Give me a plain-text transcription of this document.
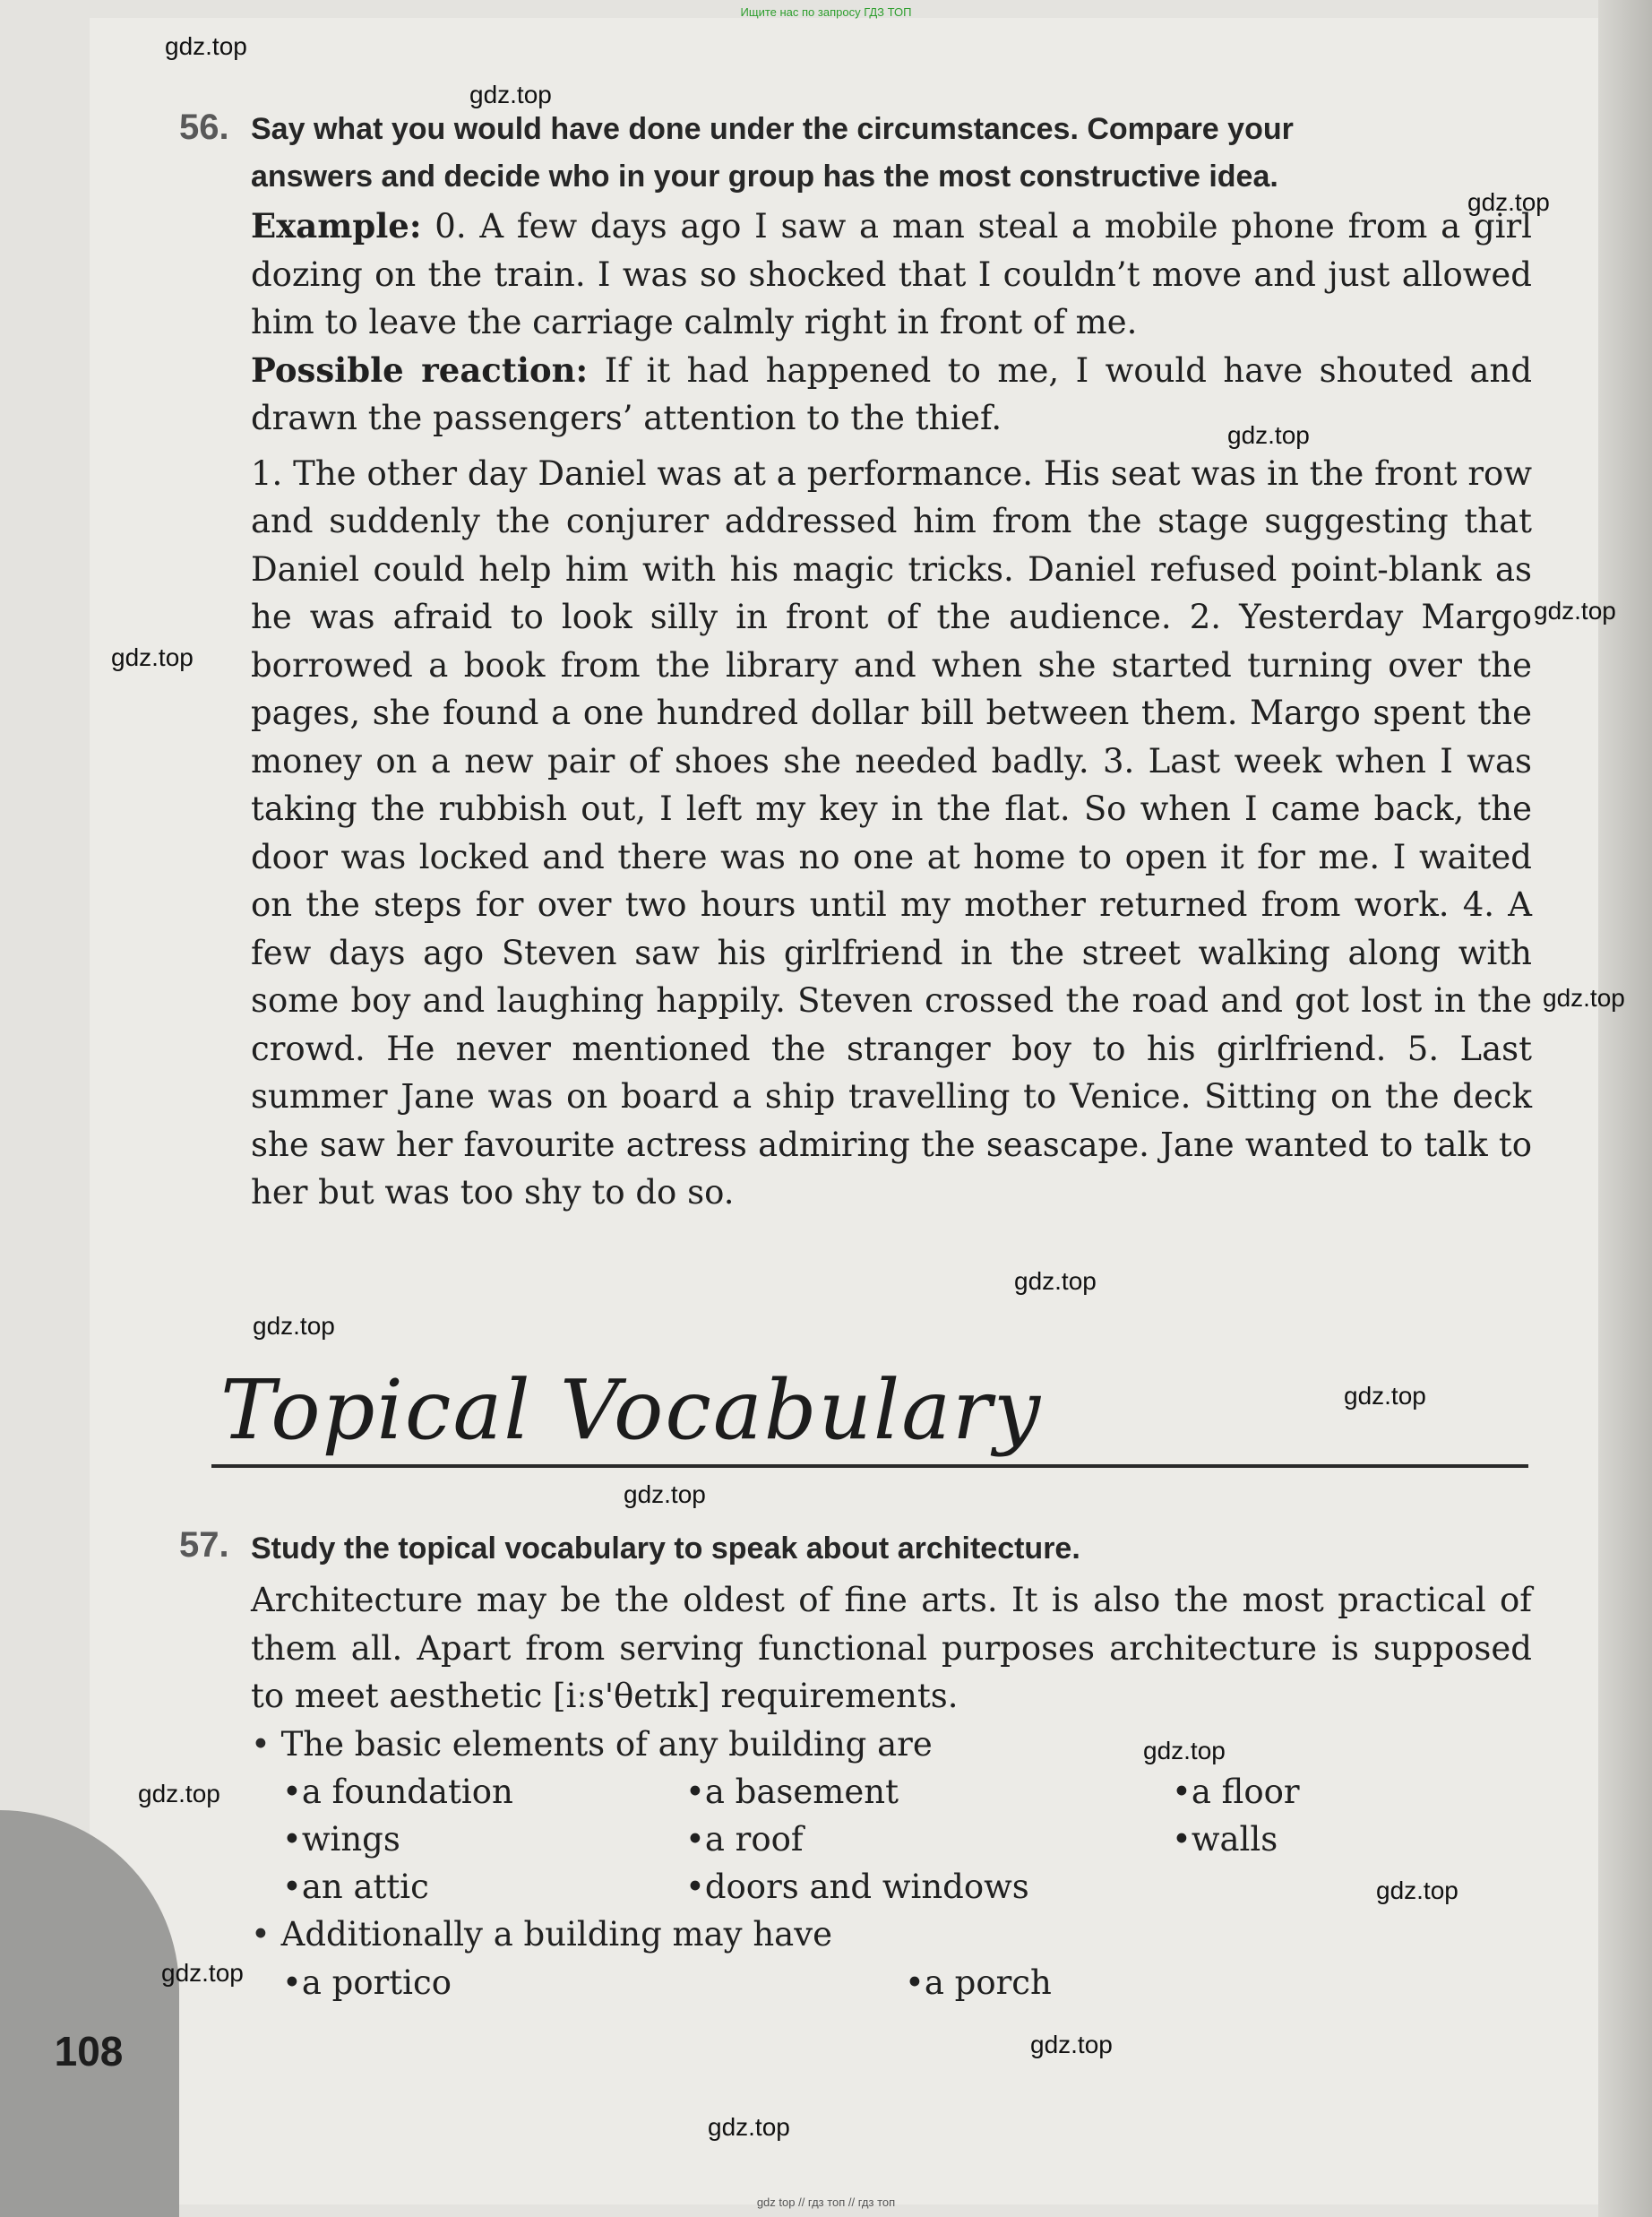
108
Ищите нас по запросу ГДЗ ТОП
gdz top // гдз топ // гдз топ
56. Say what you would have done under the circumstances. Compare your
answers and decide who in your group has the most constructive idea.
Example: 0. A few days ago I saw a man steal a mobile phone from a girl dozing on the train. I was so shocked that I couldn’t move and just allowed him to leave the carriage calmly right in front of me.
Possible reaction: If it had happened to me, I would have shouted and drawn the passengers’ attention to the thief.
1. The other day Daniel was at a performance. His seat was in the front row and suddenly the conjurer addressed him from the stage suggesting that Daniel could help him with his magic tricks. Daniel refused point-blank as he was afraid to look silly in front of the audience. 2. Yesterday Margo borrowed a book from the library and when she started turning over the pages, she found a one hundred dollar bill between them. Margo spent the money on a new pair of shoes she needed badly. 3. Last week when I was taking the rubbish out, I left my key in the flat. So when I came back, the door was locked and there was no one at home to open it for me. I waited on the steps for over two hours until my mother returned from work. 4. A few days ago Steven saw his girlfriend in the street walking along with some boy and laughing happily. Steven crossed the road and got lost in the crowd. He never mentioned the stranger boy to his girlfriend. 5. Last summer Jane was on board a ship travelling to Venice. Sitting on the deck she saw her favourite actress admiring the seascape. Jane wanted to talk to her but was too shy to do so.
Topical Vocabulary
57. Study the topical vocabulary to speak about architecture.
Architecture may be the oldest of fine arts. It is also the most practical of them all. Apart from serving functional purposes architecture is supposed to meet aesthetic [iːs'θetɪk] requirements.
• The basic elements of any building are
• a foundation	• a basement	• a floor
• wings	• a roof	• walls
• an attic	• doors and windows
• Additionally a building may have
• a portico	• a porch
gdz.top
gdz.top
gdz.top
gdz.top
gdz.top
gdz.top
gdz.top
gdz.top
gdz.top
gdz.top
gdz.top
gdz.top
gdz.top
gdz.top
gdz.top
gdz.top
gdz.top
